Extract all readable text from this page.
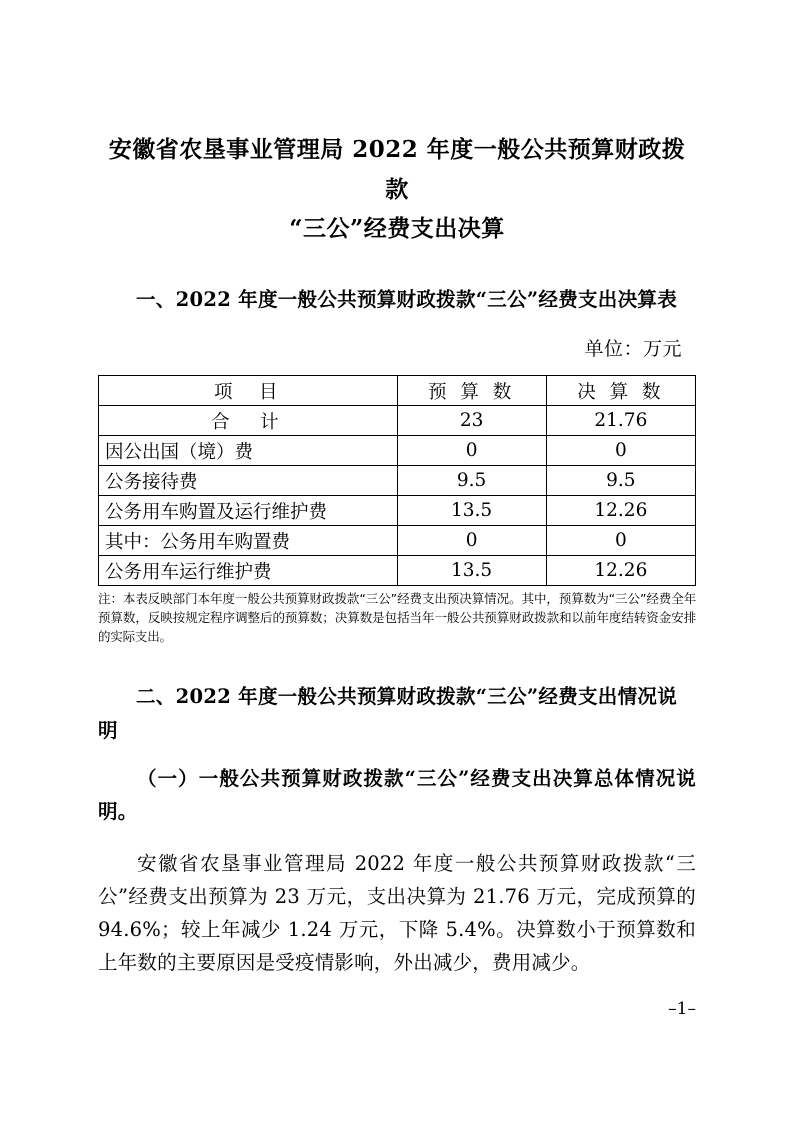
安徽省农垦事业管理局 2022 年度一般公共预算财政拨款
“三公”经费支出决算

一、2022 年度一般公共预算财政拨款“三公”经费支出决算表

单位：万元
项　目	预 算 数	决 算 数
合　计	23	21.76
因公出国（境）费	0	0
公务接待费	9.5	9.5
公务用车购置及运行维护费	13.5	12.26
其中：公务用车购置费	0	0
公务用车运行维护费	13.5	12.26

注：本表反映部门本年度一般公共预算财政拨款“三公”经费支出预决算情况。其中，预算数为“三公”经费全年预算数，反映按规定程序调整后的预算数；决算数是包括当年一般公共预算财政拨款和以前年度结转资金安排的实际支出。

二、2022 年度一般公共预算财政拨款“三公”经费支出情况说明

（一）一般公共预算财政拨款“三公”经费支出决算总体情况说明。

安徽省农垦事业管理局 2022 年度一般公共预算财政拨款“三公”经费支出预算为 23 万元，支出决算为 21.76 万元，完成预算的 94.6%；较上年减少 1.24 万元，下降 5.4%。决算数小于预算数和上年数的主要原因是受疫情影响，外出减少，费用减少。

–1–
